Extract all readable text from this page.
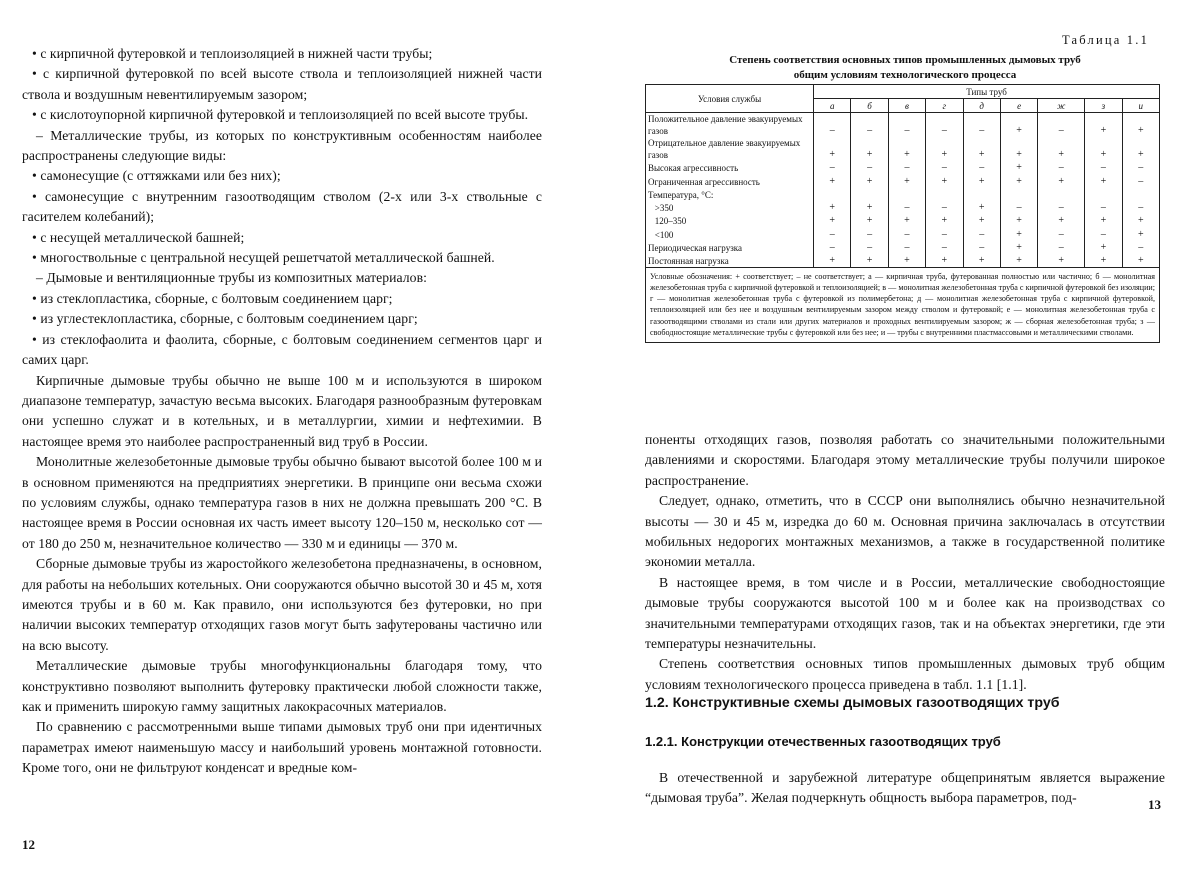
• с кирпичной футеровкой и теплоизоляцией в нижней части трубы;
• с кирпичной футеровкой по всей высоте ствола и теплоизоляцией нижней части ствола и воздушным невентилируемым зазором;
• с кислотоупорной кирпичной футеровкой и теплоизоляцией по всей высоте трубы.
– Металлические трубы, из которых по конструктивным особенностям наиболее распространены следующие виды:
• самонесущие (с оттяжками или без них);
• самонесущие с внутренним газоотводящим стволом (2-х или 3-х ствольные с гасителем колебаний);
• с несущей металлической башней;
• многоствольные с центральной несущей решетчатой металлической башней.
– Дымовые и вентиляционные трубы из композитных материалов:
• из стеклопластика, сборные, с болтовым соединением царг;
• из углестеклопластика, сборные, с болтовым соединением царг;
• из стеклофаолита и фаолита, сборные, с болтовым соединением сегментов царг и самих царг.
Кирпичные дымовые трубы обычно не выше 100 м и используются в широком диапазоне температур, зачастую весьма высоких. Благодаря разнообразным футеровкам они успешно служат и в котельных, и в металлургии, химии и нефтехимии. В настоящее время это наиболее распространенный вид труб в России.
Монолитные железобетонные дымовые трубы обычно бывают высотой более 100 м и в основном применяются на предприятиях энергетики. В принципе они весьма схожи по условиям службы, однако температура газов в них не должна превышать 200 °С. В настоящее время в России основная их часть имеет высоту 120–150 м, несколько сот — от 180 до 250 м, незначительное количество — 330 м и единицы — 370 м.
Сборные дымовые трубы из жаростойкого железобетона предназначены, в основном, для работы на небольших котельных. Они сооружаются обычно высотой 30 и 45 м, хотя имеются трубы и в 60 м. Как правило, они используются без футеровки, но при наличии высоких температур отходящих газов могут быть зафутерованы частично или на всю высоту.
Металлические дымовые трубы многофункциональны благодаря тому, что конструктивно позволяют выполнить футеровку практически любой сложности также, как и применить широкую гамму защитных лакокрасочных материалов.
По сравнению с рассмотренными выше типами дымовых труб они при идентичных параметрах имеют наименьшую массу и наибольший уровень монтажной готовности. Кроме того, они не фильтруют конденсат и вредные ком-
12
Таблица 1.1
Степень соответствия основных типов промышленных дымовых труб
общим условиям технологического процесса
Условия службы	Типы труб								
	а	б	в	г	д	е	ж	з	и
Положительное давление эвакуируемых газов	–	–	–	–	–	+	–	+	+
Отрицательное давление эвакуируемых газов	+	+	+	+	+	+	+	+	+
Высокая агрессивность	–	–	–	–	–	+	–	–	–
Ограниченная агрессивность	+	+	+	+	+	+	+	+	–
Температура, °С:									
>350	+	+	–	–	+	–	–	–	–
120–350	+	+	+	+	+	+	+	+	+
<100	–	–	–	–	–	+	–	–	+
Периодическая нагрузка	–	–	–	–	–	+	–	+	–
Постоянная нагрузка	+	+	+	+	+	+	+	+	+
Условные обозначения: + соответствует; – не соответствует; а — кирпичная труба, футерованная полностью или частично; б — монолитная железобетонная труба с кирпичной футеровкой и теплоизоляцией; в — монолитная железобетонная труба с кирпичной футеровкой без изоляции; г — монолитная железобетонная труба с футеровкой из полимербетона; д — монолитная железобетонная труба с кирпичной футеровкой, теплоизоляцией или без нее и воздушным вентилируемым зазором между стволом и футеровкой; е — монолитная железобетонная труба с газоотводящими стволами из стали или других материалов и проходных вентилируемым зазором; ж — сборная железобетонная труба; з — свободностоящие металлические трубы с футеровкой или без нее; и — трубы с внутренними пластмассовыми и металлическими стволами.									
поненты отходящих газов, позволяя работать со значительными положительными давлениями и скоростями. Благодаря этому металлические трубы получили широкое распространение.
Следует, однако, отметить, что в СССР они выполнялись обычно незначительной высоты — 30 и 45 м, изредка до 60 м. Основная причина заключалась в отсутствии мобильных недорогих монтажных механизмов, а также в государственной политике экономии металла.
В настоящее время, в том числе и в России, металлические свободностоящие дымовые трубы сооружаются высотой 100 м и более как на производствах со значительными температурами отходящих газов, так и на объектах энергетики, где эти температуры незначительны.
Степень соответствия основных типов промышленных дымовых труб общим условиям технологического процесса приведена в табл. 1.1 [1.1].
1.2. Конструктивные схемы дымовых газоотводящих труб
1.2.1. Конструкции отечественных газоотводящих труб
В отечественной и зарубежной литературе общепринятым является выражение “дымовая труба”. Желая подчеркнуть общность выбора параметров, под-	13
